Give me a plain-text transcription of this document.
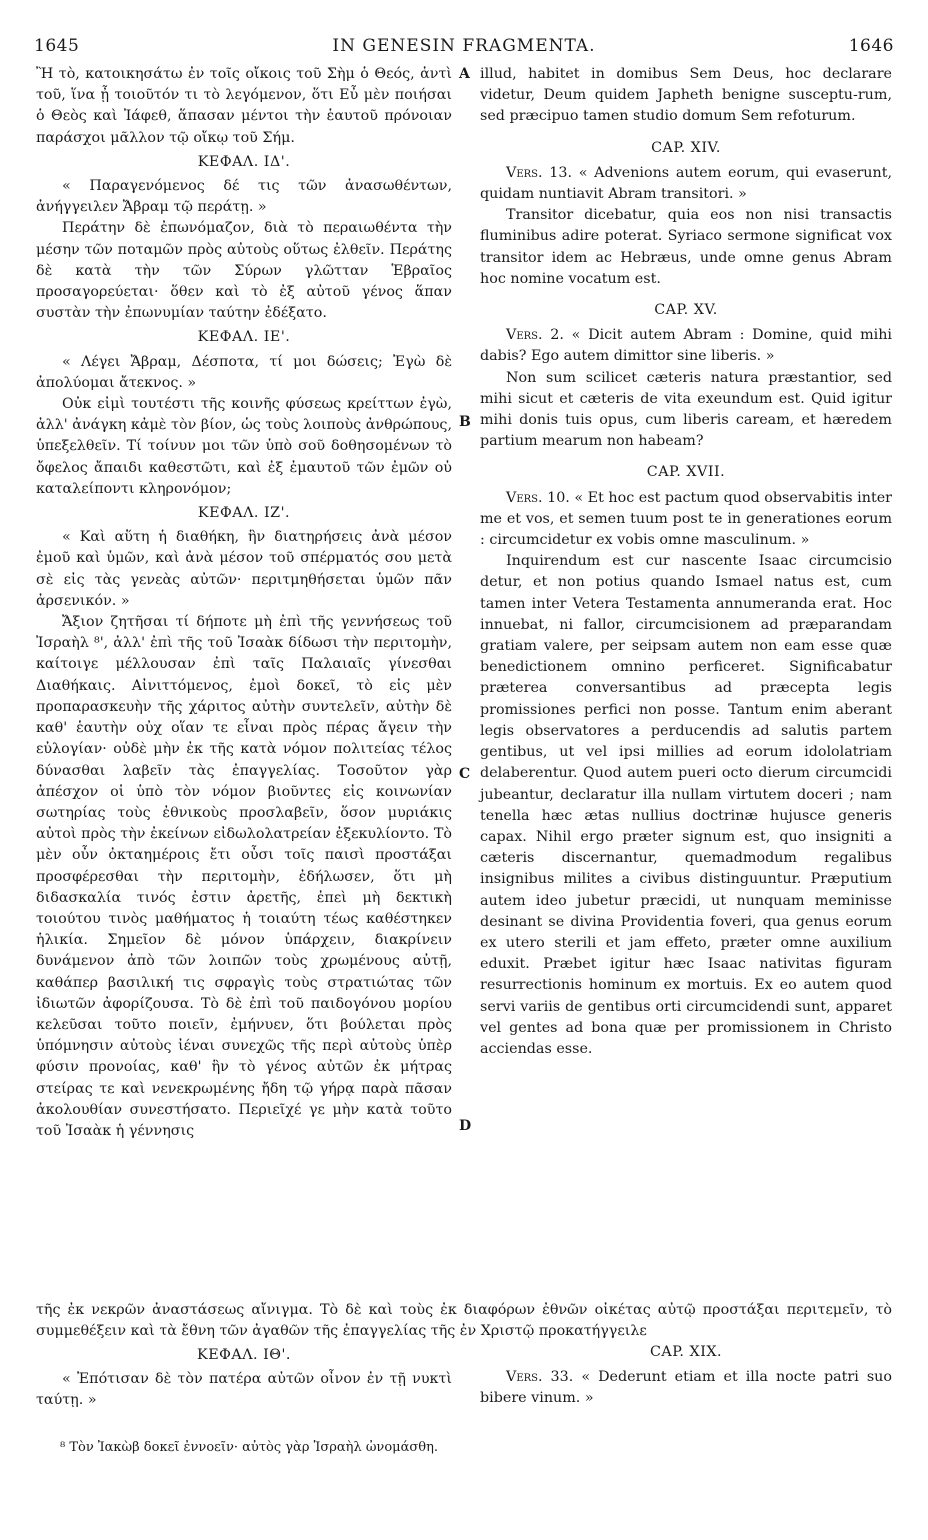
1645	IN GENESIN FRAGMENTA.	1646
A
B
C
D

Ἢ τὸ, κατοικησάτω ἐν τοῖς οἴκοις τοῦ Σὴμ ὁ Θεός, ἀντὶ τοῦ, ἵνα ᾖ τοιοῦτόν τι τὸ λεγόμενον, ὅτι Εὖ μὲν ποιήσαι ὁ Θεὸς καὶ Ἰάφεθ, ἅπασαν μέντοι τὴν ἑαυτοῦ πρόνοιαν παράσχοι μᾶλλον τῷ οἴκῳ τοῦ Σήμ.

ΚΕΦΑΛ. ΙΔ'.

« Παραγενόμενος δέ τις τῶν ἀνασωθέντων, ἀνήγγειλεν Ἄβραμ τῷ περάτῃ. »

Περάτην δὲ ἐπωνόμαζον, διὰ τὸ περαιωθέντα τὴν μέσην τῶν ποταμῶν πρὸς αὐτοὺς οὕτως ἐλθεῖν. Περάτης δὲ κατὰ τὴν τῶν Σύρων γλῶτταν Ἑβραῖος προσαγορεύεται· ὅθεν καὶ τὸ ἐξ αὐτοῦ γένος ἅπαν συστὰν τὴν ἐπωνυμίαν ταύτην ἐδέξατο.

ΚΕΦΑΛ. ΙΕ'.

« Λέγει Ἄβραμ, Δέσποτα, τί μοι δώσεις; Ἐγὼ δὲ ἀπολύομαι ἄτεκνος. »

Οὐκ εἰμὶ τουτέστι τῆς κοινῆς φύσεως κρείττων ἐγὼ, ἀλλ' ἀνάγκη κἀμὲ τὸν βίον, ὡς τοὺς λοιποὺς ἀνθρώπους, ὑπεξελθεῖν. Τί τοίνυν μοι τῶν ὑπὸ σοῦ δοθησομένων τὸ ὄφελος ἄπαιδι καθεστῶτι, καὶ ἐξ ἐμαυτοῦ τῶν ἐμῶν οὐ καταλείποντι κληρονόμον;

ΚΕΦΑΛ. ΙΖ'.

« Καὶ αὕτη ἡ διαθήκη, ἣν διατηρήσεις ἀνὰ μέσον ἐμοῦ καὶ ὑμῶν, καὶ ἀνὰ μέσον τοῦ σπέρματός σου μετὰ σὲ εἰς τὰς γενεὰς αὐτῶν· περιτμηθήσεται ὑμῶν πᾶν ἀρσενικόν. »

Ἄξιον ζητῆσαι τί δήποτε μὴ ἐπὶ τῆς γεννήσεως τοῦ Ἰσραὴλ ⁸', ἀλλ' ἐπὶ τῆς τοῦ Ἰσαὰκ δίδωσι τὴν περιτομὴν, καίτοιγε μέλλουσαν ἐπὶ ταῖς Παλαιαῖς γίνεσθαι Διαθήκαις. Αἰνιττόμενος, ἐμοὶ δοκεῖ, τὸ εἰς μὲν προπαρασκευὴν τῆς χάριτος αὐτὴν συντελεῖν, αὐτὴν δὲ καθ' ἑαυτὴν οὐχ οἵαν τε εἶναι πρὸς πέρας ἄγειν τὴν εὐλογίαν· οὐδὲ μὴν ἐκ τῆς κατὰ νόμον πολιτείας τέλος δύνασθαι λαβεῖν τὰς ἐπαγγελίας. Τοσοῦτον γὰρ ἀπέσχον οἱ ὑπὸ τὸν νόμον βιοῦντες εἰς κοινωνίαν σωτηρίας τοὺς ἐθνικοὺς προσλαβεῖν, ὅσον μυριάκις αὐτοὶ πρὸς τὴν ἐκείνων εἰδωλολατρείαν ἐξεκυλίοντο. Τὸ μὲν οὖν ὀκταημέροις ἔτι οὖσι τοῖς παισὶ προστάξαι προσφέρεσθαι τὴν περιτομὴν, ἐδήλωσεν, ὅτι μὴ διδασκαλία τινός ἐστιν ἀρετῆς, ἐπεὶ μὴ δεκτικὴ τοιούτου τινὸς μαθήματος ἡ τοιαύτη τέως καθέστηκεν ἡλικία. Σημεῖον δὲ μόνον ὑπάρχειν, διακρίνειν δυνάμενον ἀπὸ τῶν λοιπῶν τοὺς χρωμένους αὐτῇ, καθάπερ βασιλική τις σφραγὶς τοὺς στρατιώτας τῶν ἰδιωτῶν ἀφορίζουσα. Τὸ δὲ ἐπὶ τοῦ παιδογόνου μορίου κελεῦσαι τοῦτο ποιεῖν, ἐμήνυεν, ὅτι βούλεται πρὸς ὑπόμνησιν αὐτοὺς ἰέναι συνεχῶς τῆς περὶ αὐτοὺς ὑπὲρ φύσιν προνοίας, καθ' ἣν τὸ γένος αὐτῶν ἐκ μήτρας στείρας τε καὶ νενεκρωμένης ἤδη τῷ γήρᾳ παρὰ πᾶσαν ἀκολουθίαν συνεστήσατο. Περιεῖχέ γε μὴν κατὰ τοῦτο τοῦ Ἰσαὰκ ἡ γέννησις

illud, habitet in domibus Sem Deus, hoc declarare videtur, Deum quidem Japheth benigne susceptu-rum, sed præcipuo tamen studio domum Sem refoturum.

CAP. XIV.

Vers. 13. « Advenions autem eorum, qui evaserunt, quidam nuntiavit Abram transitori. »

Transitor dicebatur, quia eos non nisi transactis fluminibus adire poterat. Syriaco sermone significat vox transitor idem ac Hebræus, unde omne genus Abram hoc nomine vocatum est.

CAP. XV.

Vers. 2. « Dicit autem Abram : Domine, quid mihi dabis? Ego autem dimittor sine liberis. »

Non sum scilicet cæteris natura præstantior, sed mihi sicut et cæteris de vita exeundum est. Quid igitur mihi donis tuis opus, cum liberis caream, et hæredem partium mearum non habeam?

CAP. XVII.

Vers. 10. « Et hoc est pactum quod observabitis inter me et vos, et semen tuum post te in generationes eorum : circumcidetur ex vobis omne masculinum. »

Inquirendum est cur nascente Isaac circumcisio detur, et non potius quando Ismael natus est, cum tamen inter Vetera Testamenta annumeranda erat. Hoc innuebat, ni fallor, circumcisionem ad præparandam gratiam valere, per seipsam autem non eam esse quæ benedictionem omnino perficeret. Significabatur præterea conversantibus ad præcepta legis promissiones perfici non posse. Tantum enim aberant legis observatores a perducendis ad salutis partem gentibus, ut vel ipsi millies ad eorum idololatriam delaberentur. Quod autem pueri octo dierum circumcidi jubeantur, declaratur illa nullam virtutem doceri ; nam tenella hæc ætas nullius doctrinæ hujusce generis capax. Nihil ergo præter signum est, quo insigniti a cæteris discernantur, quemadmodum regalibus insignibus milites a civibus distinguuntur. Præputium autem ideo jubetur præcidi, ut nunquam meminisse desinant se divina Providentia foveri, qua genus eorum ex utero sterili et jam effeto, præter omne auxilium eduxit. Præbet igitur hæc Isaac nativitas figuram resurrectionis hominum ex mortuis. Ex eo autem quod servi variis de gentibus orti circumcidendi sunt, apparet vel gentes ad bona quæ per promissionem in Christo acciendas esse.

τῆς ἐκ νεκρῶν ἀναστάσεως αἴνιγμα. Τὸ δὲ καὶ τοὺς ἐκ διαφόρων ἐθνῶν οἰκέτας αὐτῷ προστάξαι περιτεμεῖν, τὸ συμμεθέξειν καὶ τὰ ἔθνη τῶν ἀγαθῶν τῆς ἐπαγγελίας τῆς ἐν Χριστῷ προκατήγγειλε
ΚΕΦΑΛ. ΙΘ'.

« Ἐπότισαν δὲ τὸν πατέρα αὐτῶν οἶνον ἐν τῇ νυκτὶ ταύτῃ. »

CAP. XIX.

Vers. 33. « Dederunt etiam et illa nocte patri suo bibere vinum. »

⁸ Τὸν Ἰακὼβ δοκεῖ ἐννοεῖν· αὐτὸς γὰρ Ἰσραὴλ ὠνομάσθη.
